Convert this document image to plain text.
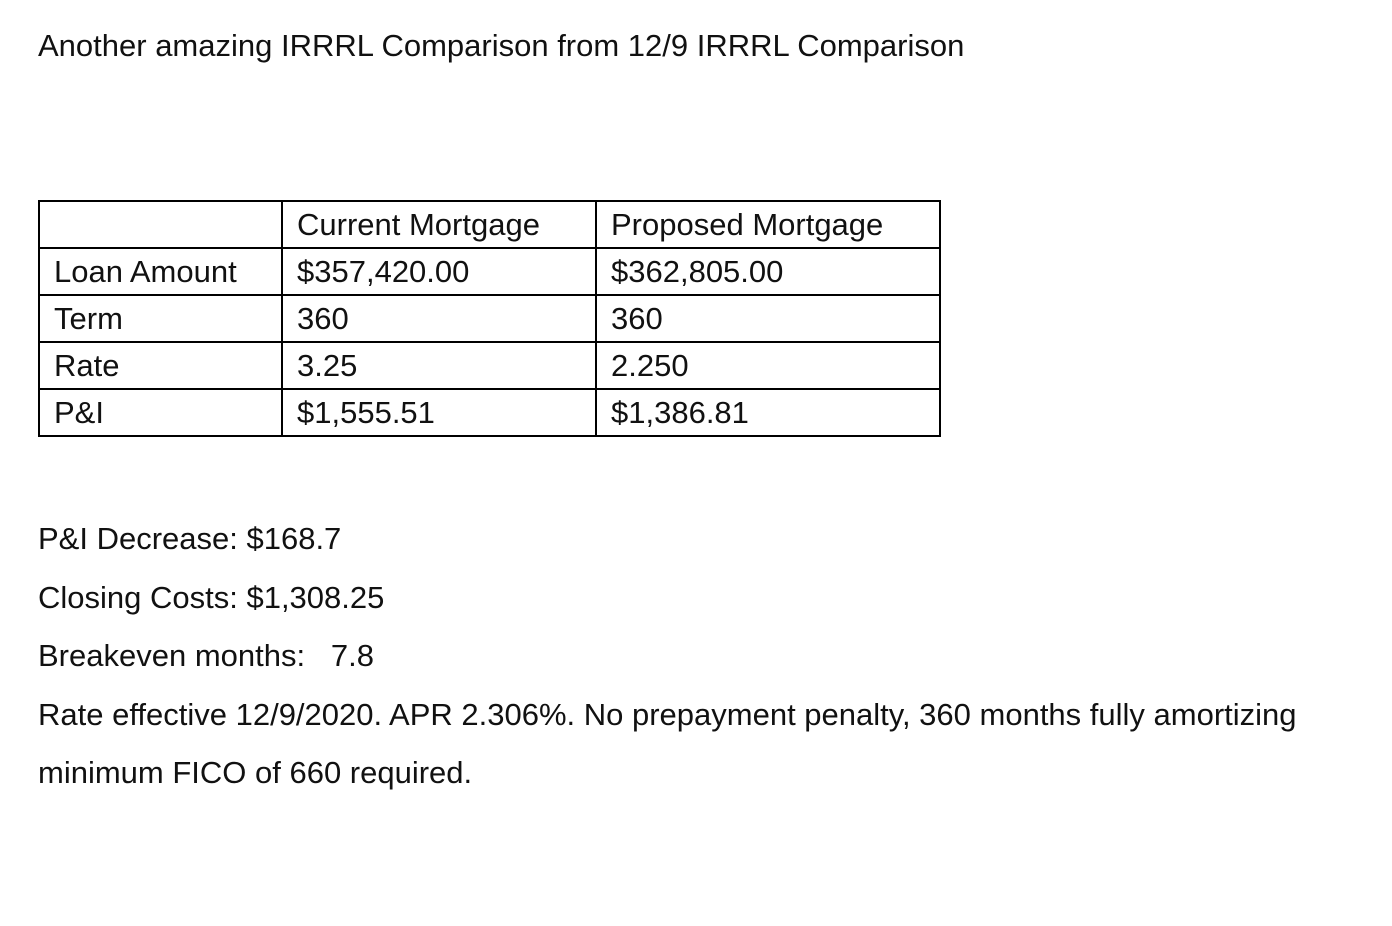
Another amazing IRRRL Comparison from 12/9 IRRRL Comparison
	Current Mortgage	Proposed Mortgage
Loan Amount	$357,420.00	$362,805.00
Term	360	360
Rate	3.25	2.250
P&I	$1,555.51	$1,386.81

P&I Decrease: $168.7

Closing Costs: $1,308.25

Breakeven months:   7.8

Rate effective 12/9/2020. APR 2.306%. No prepayment penalty, 360 months fully amortizing minimum FICO of 660 required.
